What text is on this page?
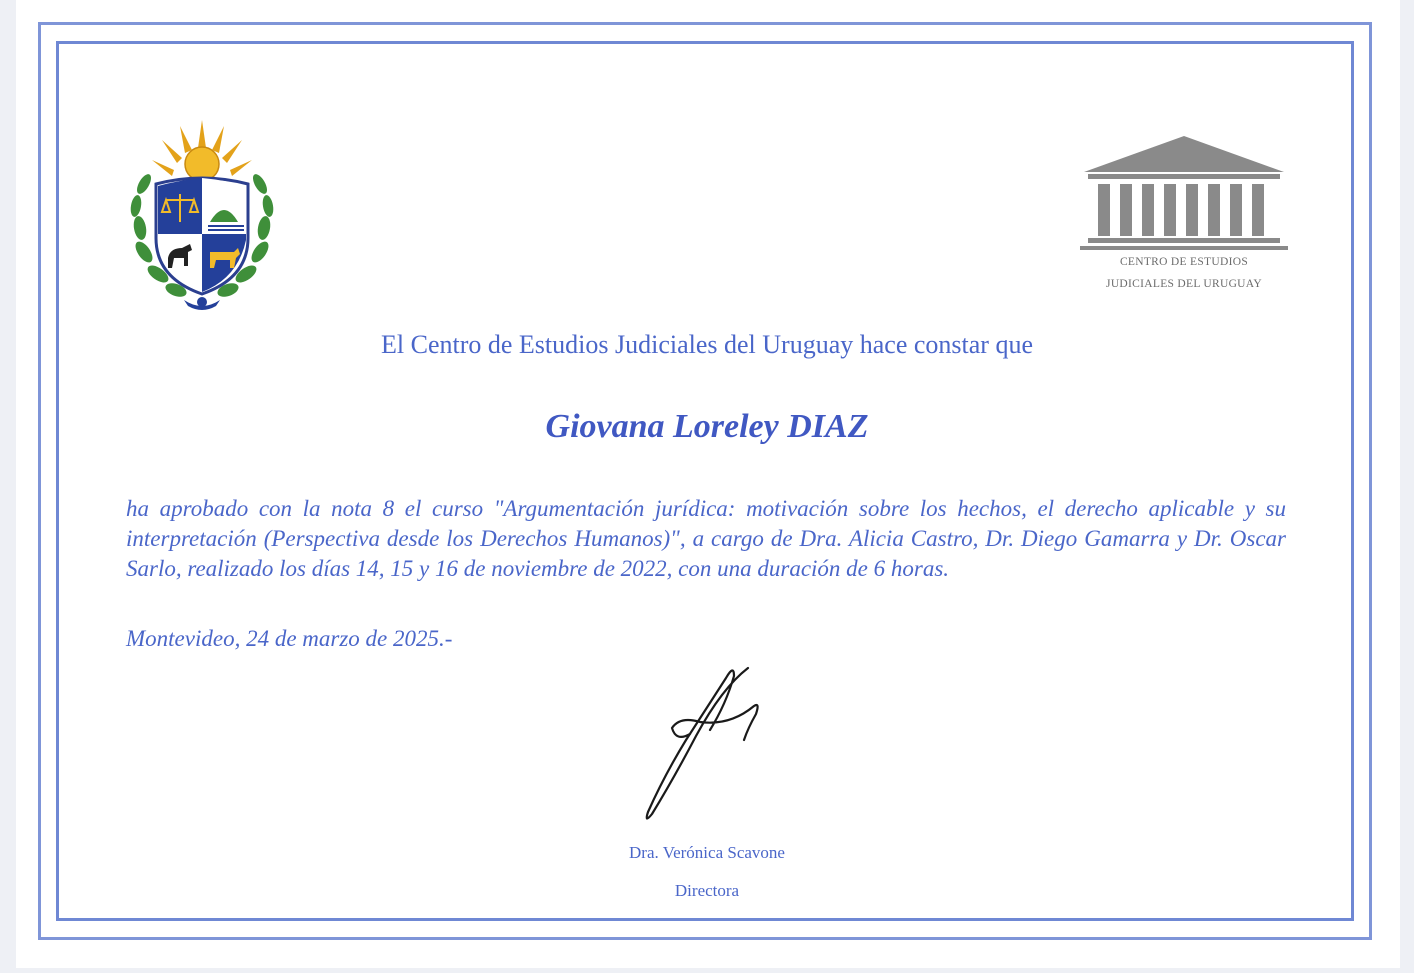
CENTRO DE ESTUDIOS
JUDICIALES DEL URUGUAY
El Centro de Estudios Judiciales del Uruguay hace constar que
Giovana Loreley DIAZ

ha aprobado con la nota 8 el curso "Argumentación jurídica: motivación sobre los hechos, el derecho aplicable y su interpretación (Perspectiva desde los Derechos Humanos)", a cargo de Dra. Alicia Castro, Dr. Diego Gamarra y Dr. Oscar Sarlo, realizado los días 14, 15 y 16 de noviembre de 2022, con una duración de 6 horas.

Montevideo, 24 de marzo de 2025.-
Dra. Verónica Scavone
Directora
